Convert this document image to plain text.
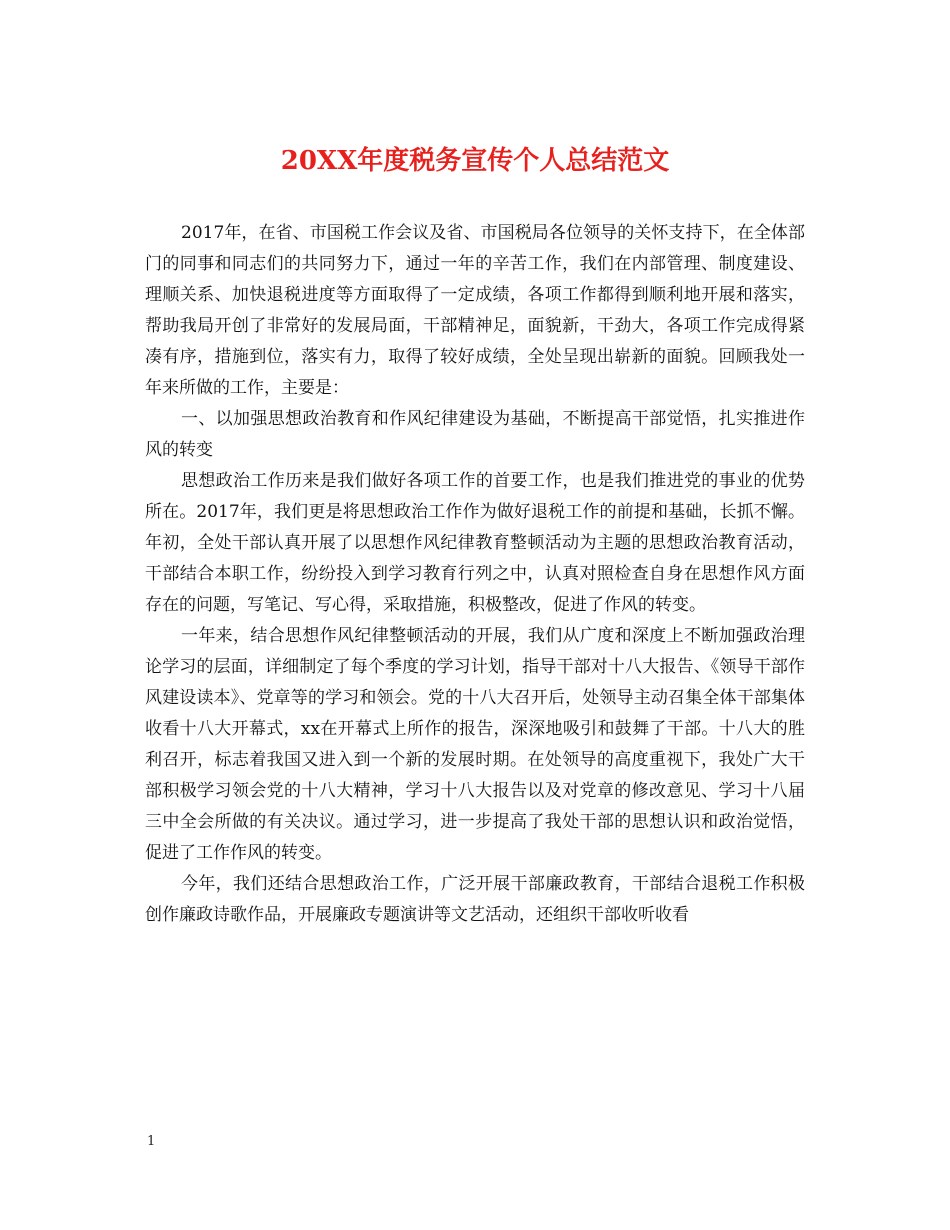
20XX年度税务宣传个人总结范文

2017年，在省、市国税工作会议及省、市国税局各位领导的关怀支持下，在全体部门的同事和同志们的共同努力下，通过一年的辛苦工作，我们在内部管理、制度建设、理顺关系、加快退税进度等方面取得了一定成绩，各项工作都得到顺利地开展和落实，帮助我局开创了非常好的发展局面，干部精神足，面貌新，干劲大，各项工作完成得紧凑有序，措施到位，落实有力，取得了较好成绩，全处呈现出崭新的面貌。回顾我处一年来所做的工作，主要是：

一、以加强思想政治教育和作风纪律建设为基础，不断提高干部觉悟，扎实推进作风的转变

思想政治工作历来是我们做好各项工作的首要工作，也是我们推进党的事业的优势所在。2017年，我们更是将思想政治工作作为做好退税工作的前提和基础，长抓不懈。年初，全处干部认真开展了以思想作风纪律教育整顿活动为主题的思想政治教育活动，干部结合本职工作，纷纷投入到学习教育行列之中，认真对照检查自身在思想作风方面存在的问题，写笔记、写心得，采取措施，积极整改，促进了作风的转变。

一年来，结合思想作风纪律整顿活动的开展，我们从广度和深度上不断加强政治理论学习的层面，详细制定了每个季度的学习计划，指导干部对十八大报告、《领导干部作风建设读本》、党章等的学习和领会。党的十八大召开后，处领导主动召集全体干部集体收看十八大开幕式，xx在开幕式上所作的报告，深深地吸引和鼓舞了干部。十八大的胜利召开，标志着我国又进入到一个新的发展时期。在处领导的高度重视下，我处广大干部积极学习领会党的十八大精神，学习十八大报告以及对党章的修改意见、学习十八届三中全会所做的有关决议。通过学习，进一步提高了我处干部的思想认识和政治觉悟，促进了工作作风的转变。

今年，我们还结合思想政治工作，广泛开展干部廉政教育，干部结合退税工作积极创作廉政诗歌作品，开展廉政专题演讲等文艺活动，还组织干部收听收看

1
